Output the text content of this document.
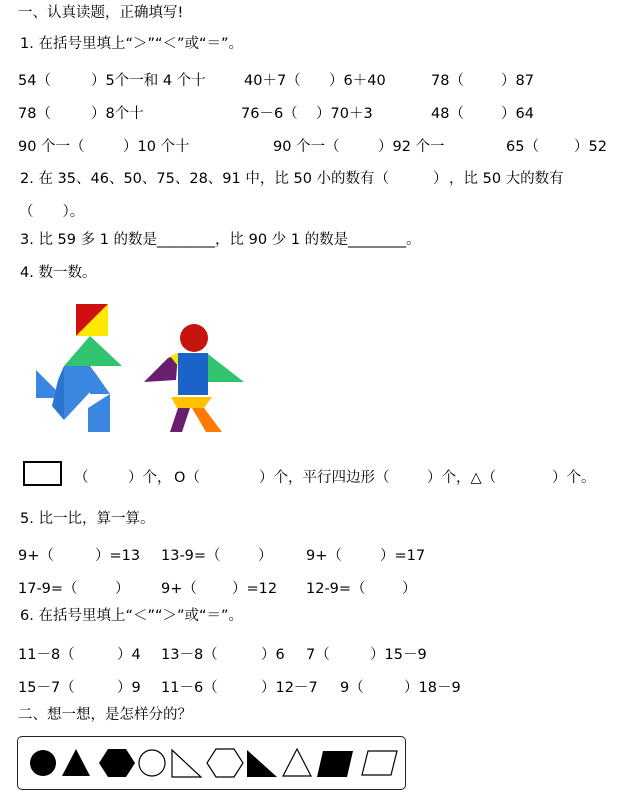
一、认真读题，正确填写!
1. 在括号里填上“＞”“＜”或“＝”。
54（	）5个一和 4 个十	40＋7（ ）6＋40	78（	）87
78（	）8个十	76－6（ ）70＋3	48（	）64
90 个一（	）10 个十	90 个一（	）92 个一	65（ ）52
2. 在 35、46、50、75、28、91 中，比 50 小的数有（	） ，比 50 大的数有
（　　）。
3. 比 59 多 1 的数是________，比 90 少 1 的数是________。
4. 数一数。
（	）个， O（	）个，平行四边形（	）个，△（	）个。
5. 比一比，算一算。
9+（	）=13 13-9=（	） 9+（	）=17
17-9=（	） 9+（ ）=12 12-9=（	）
6. 在括号里填上“＜”“＞”或“＝”。
11－8（	）4 13－8（	）6 7（	）15－9
15－7（	）9 11－6（	）12－7 9（	）18－9
二、想一想，是怎样分的？
